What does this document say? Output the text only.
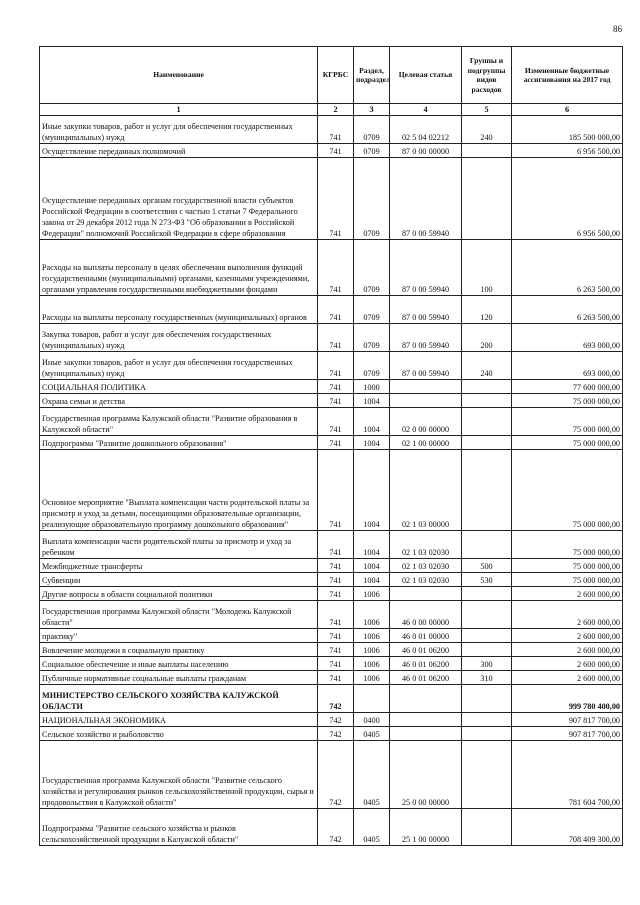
86
Наименование	КГРБС	Раздел, подраздел	Целевая статья	Группы и подгруппы видов расходов	Измененные бюджетные ассигнования на 2017 год
1	2	3	4	5	6
Иные закупки товаров, работ и услуг для обеспечения государственных (муниципальных) нужд	741	0709	02 5 04 02212	240	185 500 000,00
Осуществление переданных полномочий	741	0709	87 0 00 00000		6 956 500,00
Осуществление переданных органам государственной власти субъектов Российской Федерации в соответствии с частью 1 статьи 7 Федерального закона от 29 декабря 2012 года N 273-ФЗ "Об образовании в Российской Федерации" полномочий Российской Федерации в сфере образования	741	0709	87 0 00 59940		6 956 500,00
Расходы на выплаты персоналу в целях обеспечения выполнения функций государственными (муниципальными) органами, казенными учреждениями, органами управления государственными внебюджетными фондами	741	0709	87 0 00 59940	100	6 263 500,00
Расходы на выплаты персоналу государственных (муниципальных) органов	741	0709	87 0 00 59940	120	6 263 500,00
Закупка товаров, работ и услуг для обеспечения государственных (муниципальных) нужд	741	0709	87 0 00 59940	200	693 000,00
Иные закупки товаров, работ и услуг для обеспечения государственных (муниципальных) нужд	741	0709	87 0 00 59940	240	693 000,00
СОЦИАЛЬНАЯ ПОЛИТИКА	741	1000			77 600 000,00
Охрана семьи и детства	741	1004			75 000 000,00
Государственная программа Калужской области "Развитие образования в Калужской области"	741	1004	02 0 00 00000		75 000 000,00
Подпрограмма "Развитие дошкольного образования"	741	1004	02 1 00 00000		75 000 000,00
Основное мероприятие "Выплата компенсации части родительской платы за присмотр и уход за детьми, посещающими образовательные организации, реализующие образовательную программу дошкольного образования"	741	1004	02 1 03 00000		75 000 000,00
Выплата компенсации части родительской платы за присмотр и уход за ребенком	741	1004	02 1 03 02030		75 000 000,00
Межбюджетные трансферты	741	1004	02 1 03 02030	500	75 000 000,00
Субвенции	741	1004	02 1 03 02030	530	75 000 000,00
Другие вопросы в области социальной политики	741	1006			2 600 000,00
Государственная программа Калужской области "Молодежь Калужской области"	741	1006	46 0 00 00000		2 600 000,00
практику"	741	1006	46 0 01 00000		2 600 000,00
Вовлечение молодежи в социальную практику	741	1006	46 0 01 06200		2 600 000,00
Социальное обеспечение и иные выплаты населению	741	1006	46 0 01 06200	300	2 600 000,00
Публичные нормативные социальные выплаты гражданам	741	1006	46 0 01 06200	310	2 600 000,00
МИНИСТЕРСТВО СЕЛЬСКОГО ХОЗЯЙСТВА КАЛУЖСКОЙ ОБЛАСТИ	742				999 780 400,00
НАЦИОНАЛЬНАЯ ЭКОНОМИКА	742	0400			907 817 700,00
Сельское хозяйство и рыболовство	742	0405			907 817 700,00
Государственная программа Калужской области "Развитие сельского хозяйства и регулирования рынков сельскохозяйственной продукции, сырья и продовольствия в Калужской области"	742	0405	25 0 00 00000		781 604 700,00
Подпрограмма "Развитие сельского хозяйства и рынков сельскохозяйственной продукции в Калужской области"	742	0405	25 1 00 00000		708 409 300,00
